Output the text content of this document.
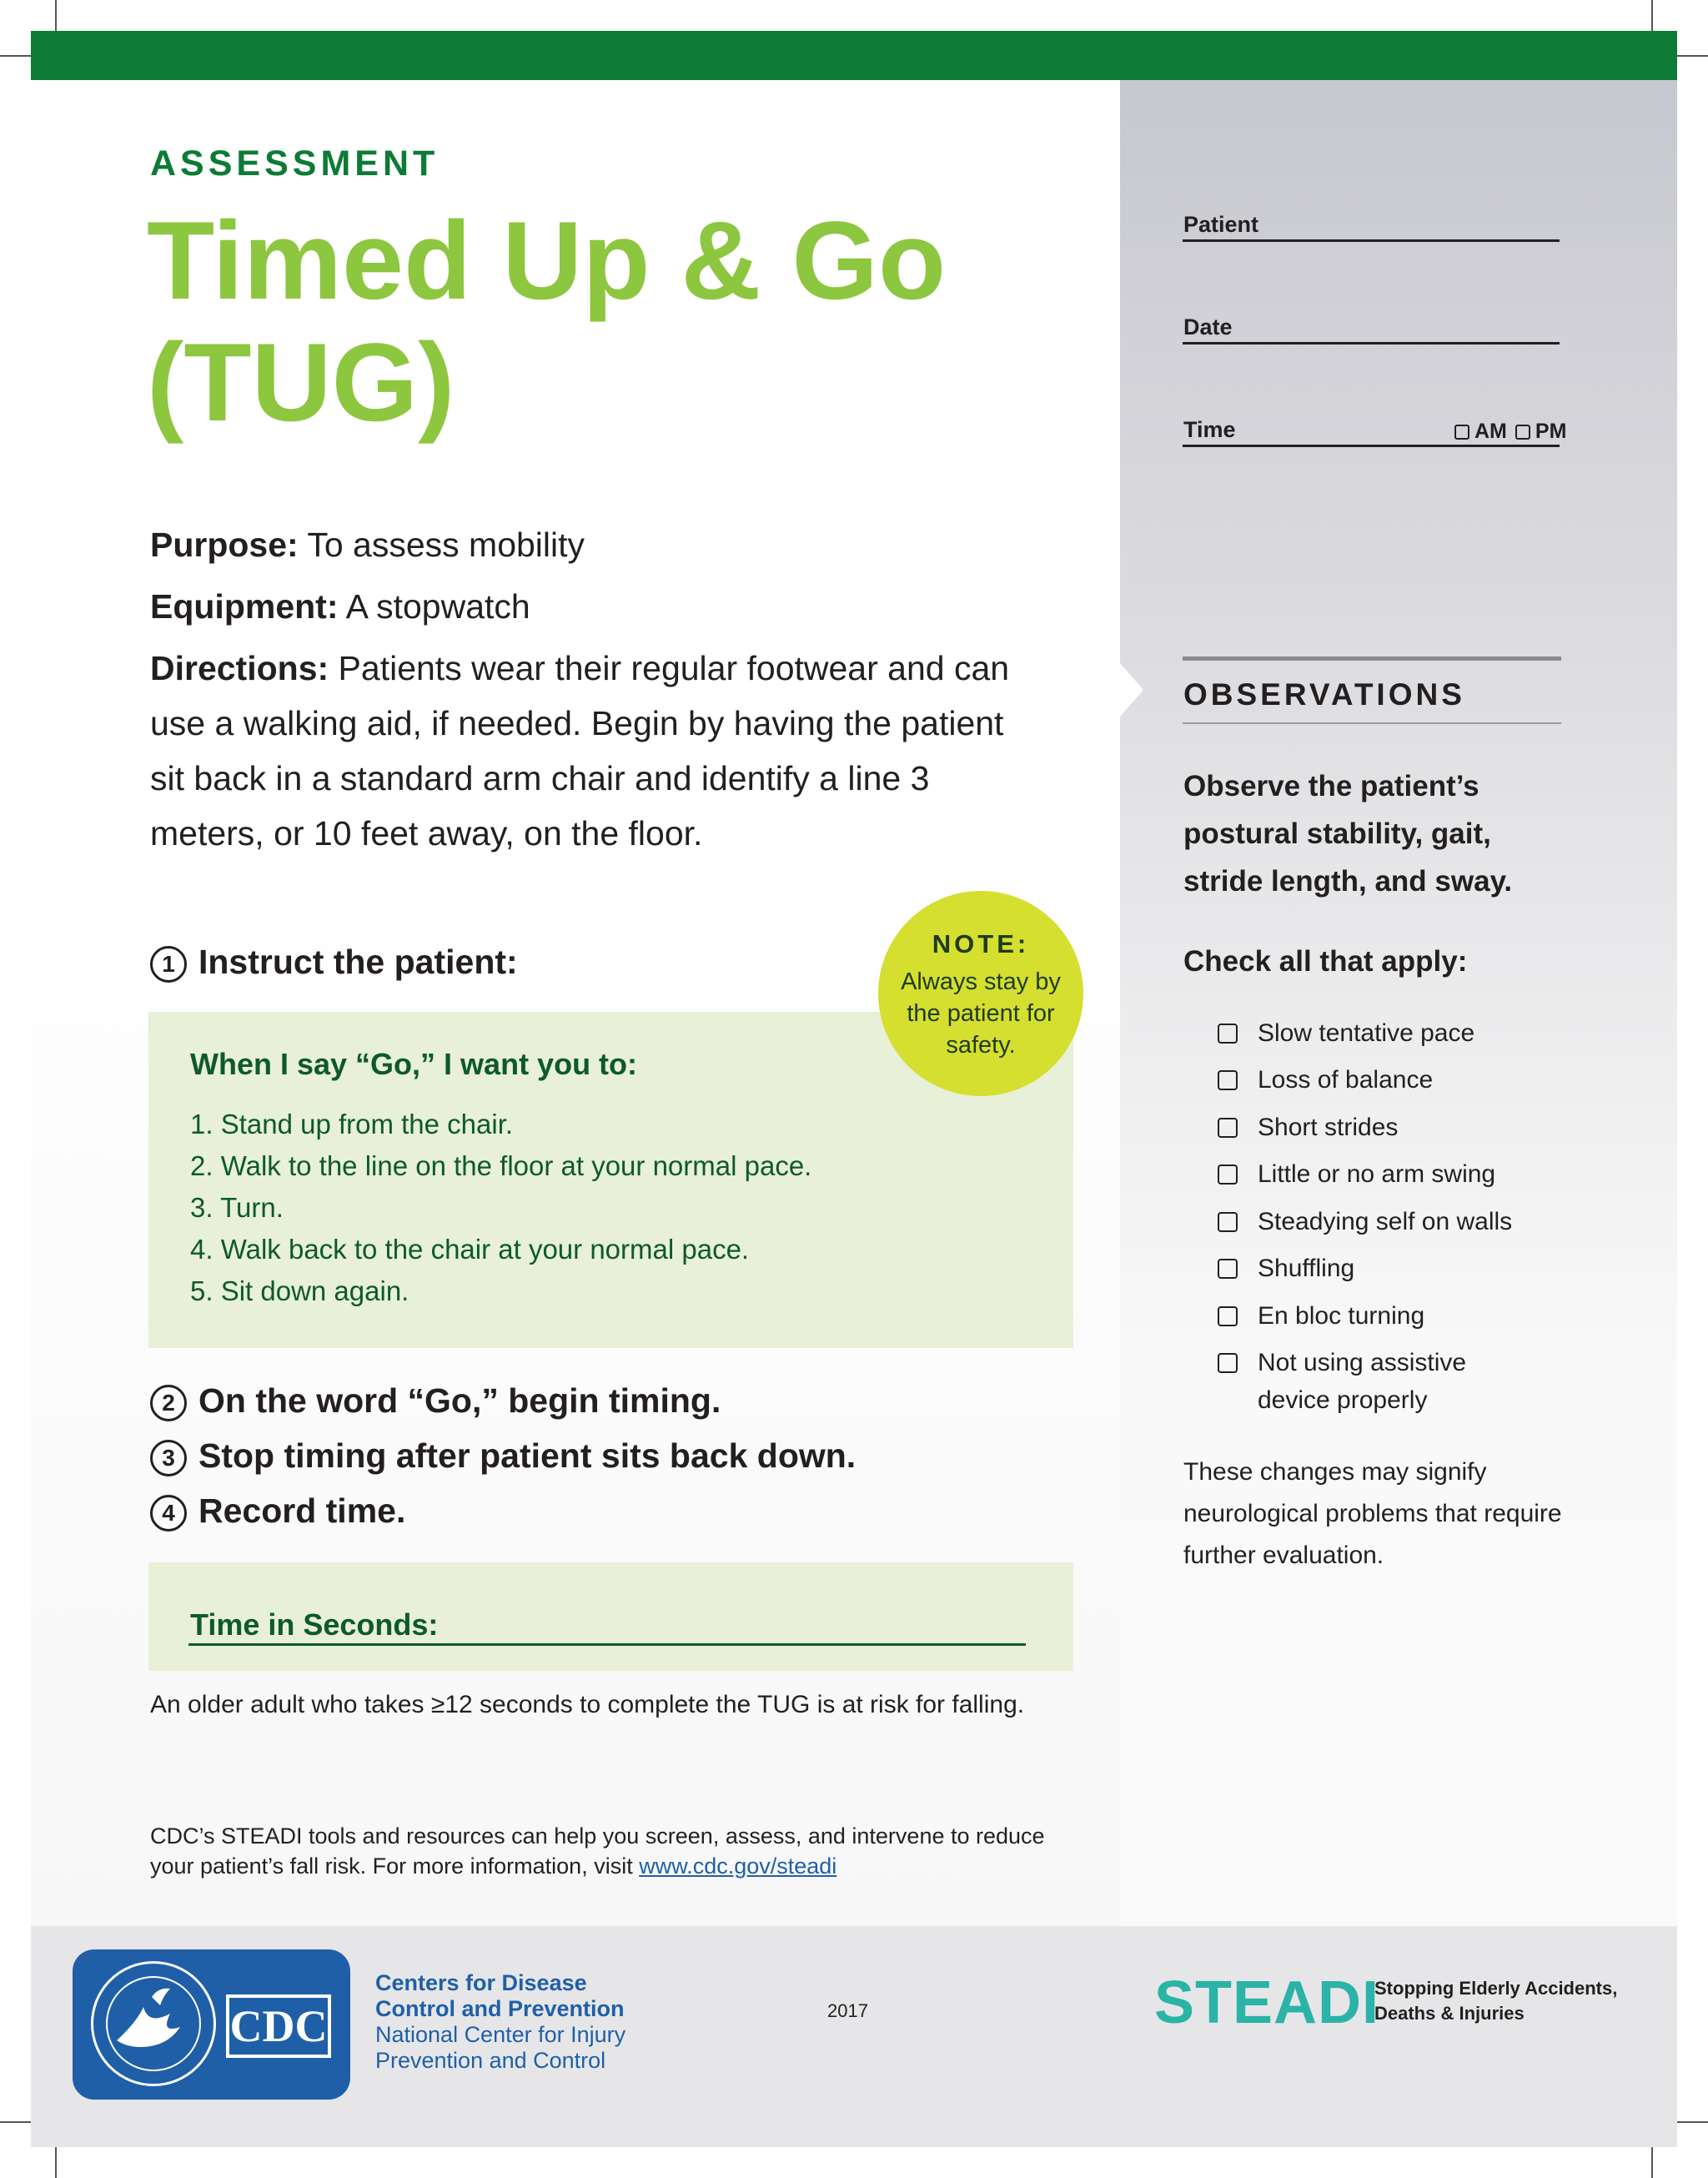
ASSESSMENT
Timed Up & Go
(TUG)

Purpose: To assess mobility

Equipment: A stopwatch

Directions: Patients wear their regular footwear and can use a walking aid, if needed. Begin by having the patient sit back in a standard arm chair and identify a line 3 meters, or 10 feet away, on the floor.

1 Instruct the patient:
When I say “Go,” I want you to:
1. Stand up from the chair.
2. Walk to the line on the floor at your normal pace.
3. Turn.
4. Walk back to the chair at your normal pace.
5. Sit down again.
NOTE:
Always stay by the patient for safety.
2 On the word “Go,” begin timing.
3 Stop timing after patient sits back down.
4 Record time.
Time in Seconds:
An older adult who takes ≥12 seconds to complete the TUG is at risk for falling.
CDC’s STEADI tools and resources can help you screen, assess, and intervene to reduce your patient’s fall risk. For more information, visit www.cdc.gov/steadi
Patient
Date
Time	AM PM
OBSERVATIONS
Observe the patient’s postural stability, gait, stride length, and sway.
Check all that apply:
Slow tentative pace
Loss of balance
Short strides
Little or no arm swing
Steadying self on walls
Shuffling
En bloc turning
Not using assistive device properly
These changes may signify neurological problems that require further evaluation.
CDC
Centers for Disease
Control and Prevention
National Center for Injury
Prevention and Control
2017	STEADI
Stopping Elderly Accidents,
Deaths & Injuries
